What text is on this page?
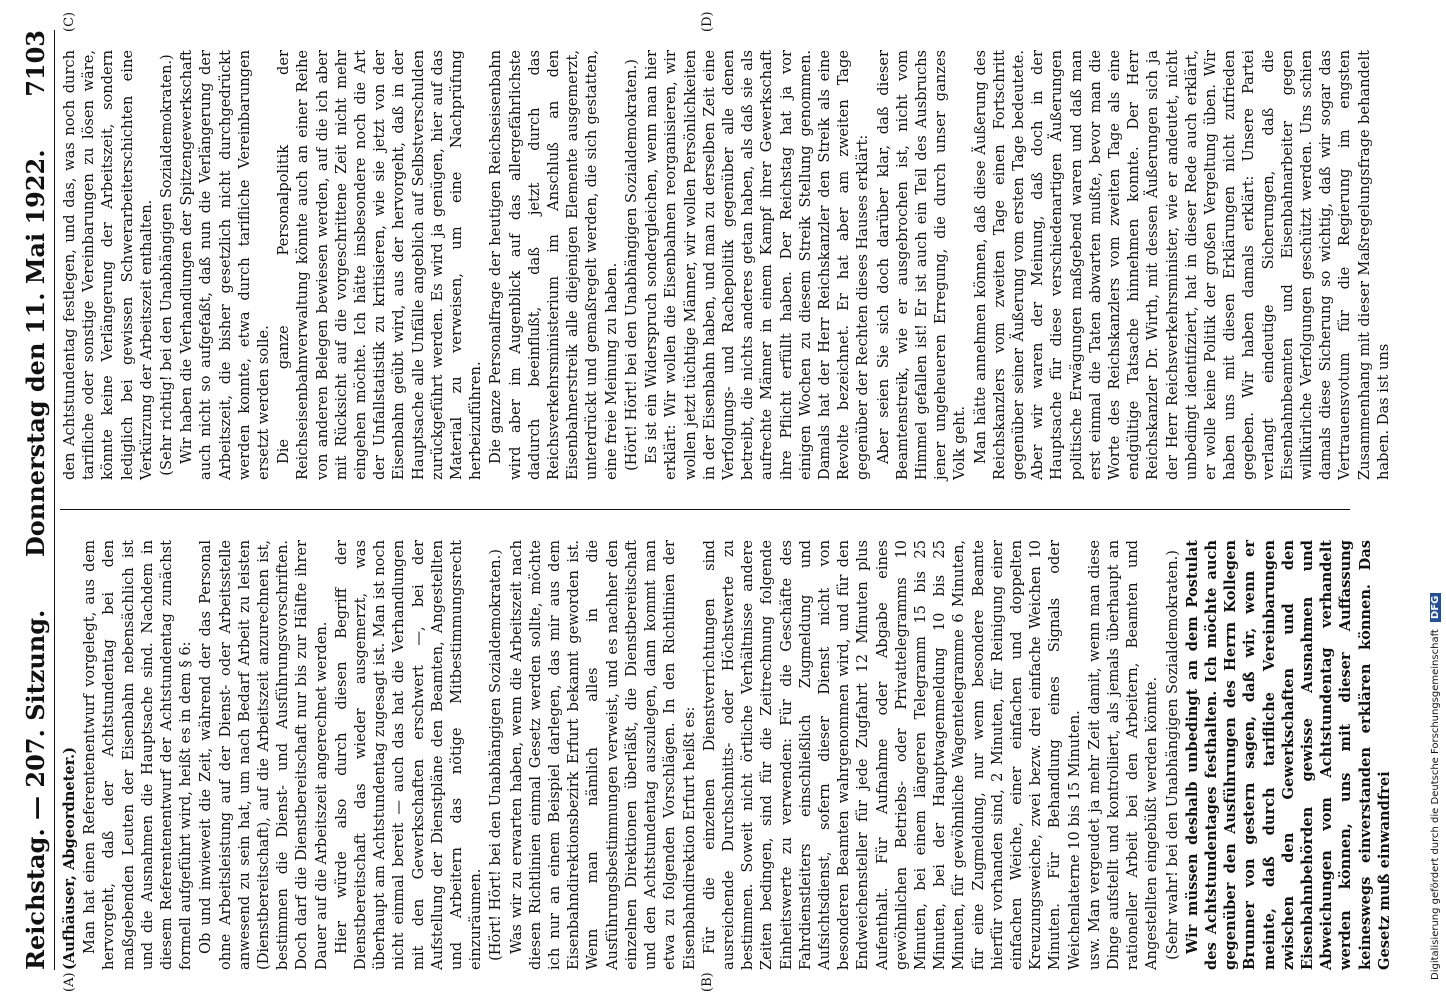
Reichstag. — 207. Sitzung.
Donnerstag den 11. Mai 1922.
7103
(A)	(B)
(C)	(D)

(Aufhäuser, Abgeordneter.) Man hat einen Referentenentwurf vorgelegt, aus dem hervorgeht, daß der Achtstundentag bei den maßgebenden Leuten der Eisenbahn nebensächlich ist und die Ausnahmen die Hauptsache sind. Nachdem in diesem Referentenentwurf der Achtstundentag zunächst formell aufgeführt wird, heißt es in dem § 6: Ob und inwieweit die Zeit, während der das Personal ohne Arbeitsleistung auf der Dienst- oder Arbeitsstelle anwesend zu sein hat, um nach Bedarf Arbeit zu leisten (Dienstbereitschaft), auf die Arbeitszeit anzurechnen ist, bestimmen die Dienst- und Ausführungsvorschriften. Doch darf die Dienstbereitschaft nur bis zur Hälfte ihrer Dauer auf die Arbeitszeit angerechnet werden. Hier würde also durch diesen Begriff der Dienstbereitschaft das wieder ausgemerzt, was überhaupt am Achtstundentag zugesagt ist. Man ist noch nicht einmal bereit — auch das hat die Verhandlungen mit den Gewerkschaften erschwert —, bei der Aufstellung der Dienstpläne den Beamten, Angestellten und Arbeitern das nötige Mitbestimmungsrecht einzuräumen. (Hört! Hört! bei den Unabhängigen Sozialdemokraten.) Was wir zu erwarten haben, wenn die Arbeitszeit nach diesen Richtlinien einmal Gesetz werden sollte, möchte ich nur an einem Beispiel darlegen, das mir aus dem Eisenbahndirektionsbezirk Erfurt bekannt geworden ist. Wenn man nämlich alles in die Ausführungsbestimmungen verweist, und es nachher den einzelnen Direktionen überläßt, die Dienstbereitschaft und den Achtstundentag auszulegen, dann kommt man etwa zu folgenden Vorschlägen. In den Richtlinien der Eisenbahndirektion Erfurt heißt es: Für die einzelnen Dienstverrichtungen sind ausreichende Durchschnitts- oder Höchstwerte zu bestimmen. Soweit nicht örtliche Verhältnisse andere Zeiten bedingen, sind für die Zeitrechnung folgende Einheitswerte zu verwenden: Für die Geschäfte des Fahrdienstleiters einschließlich Zugmeldung und Aufsichtsdienst, sofern dieser Dienst nicht von besonderen Beamten wahrgenommen wird, und für den Endweichensteller für jede Zugfahrt 12 Minuten plus Aufenthalt. Für Aufnahme oder Abgabe eines gewöhnlichen Betriebs- oder Privattelegramms 10 Minuten, bei einem längeren Telegramm 15 bis 25 Minuten, bei der Hauptwagenmeldung 10 bis 25 Minuten, für gewöhnliche Wagentelegramme 6 Minuten, für eine Zugmeldung, nur wenn besondere Beamte hierfür vorhanden sind, 2 Minuten, für Reinigung einer einfachen Weiche, einer einfachen und doppelten Kreuzungsweiche, zwei bezw. drei einfache Weichen 10 Minuten. Für Behandlung eines Signals oder Weichenlaterne 10 bis 15 Minuten. usw. Man vergeudet ja mehr Zeit damit, wenn man diese Dinge aufstellt und kontrolliert, als jemals überhaupt an rationeller Arbeit bei den Arbeitern, Beamten und Angestellten eingebüßt werden könnte. (Sehr wahr! bei den Unabhängigen Sozialdemokraten.) Wir müssen deshalb unbedingt an dem Postulat des Achtstundentages festhalten. Ich möchte auch gegenüber den Ausführungen des Herrn Kollegen Brunner von gestern sagen, daß wir, wenn er meinte, daß durch tarifliche Vereinbarungen zwischen den Gewerkschaften und den Eisenbahnbehörden gewisse Ausnahmen und Abweichungen vom Achtstundentag verhandelt werden können, uns mit dieser Auffassung keineswegs einverstanden erklären können. Das Gesetz muß einwandfrei

den Achtstundentag festlegen, und das, was noch durch tarifliche oder sonstige Vereinbarungen zu lösen wäre, könnte keine Verlängerung der Arbeitszeit, sondern lediglich bei gewissen Schwerarbeiterschichten eine Verkürzung der Arbeitszeit enthalten. (Sehr richtig! bei den Unabhängigen Sozialdemokraten.) Wir haben die Verhandlungen der Spitzengewerkschaft auch nicht so aufgefaßt, daß nun die Verlängerung der Arbeitszeit, die bisher gesetzlich nicht durchgedrückt werden konnte, etwa durch tarifliche Vereinbarungen ersetzt werden solle. Die ganze Personalpolitik der Reichseisenbahnverwaltung könnte auch an einer Reihe von anderen Belegen bewiesen werden, auf die ich aber mit Rücksicht auf die vorgeschrittene Zeit nicht mehr eingehen möchte. Ich hätte insbesondere noch die Art der Unfallstatistik zu kritisieren, wie sie jetzt von der Eisenbahn geübt wird, aus der hervorgeht, daß in der Hauptsache alle Unfälle angeblich auf Selbstverschulden zurückgeführt werden. Es wird ja genügen, hier auf das Material zu verweisen, um eine Nachprüfung herbeizuführen. Die ganze Personalfrage der heutigen Reichseisenbahn wird aber im Augenblick auf das allergefährlichste dadurch beeinflußt, daß jetzt durch das Reichsverkehrsministerium im Anschluß an den Eisenbahnerstreik alle diejenigen Elemente ausgemerzt, unterdrückt und gemaßregelt werden, die sich gestatten, eine freie Meinung zu haben. (Hört! Hört! bei den Unabhängigen Sozialdemokraten.) Es ist ein Widerspruch sondergleichen, wenn man hier erklärt: Wir wollen die Eisenbahnen reorganisieren, wir wollen jetzt tüchtige Männer, wir wollen Persönlichkeiten in der Eisenbahn haben, und man zu derselben Zeit eine Verfolgungs- und Rachepolitik gegenüber alle denen betreibt, die nichts anderes getan haben, als daß sie als aufrechte Männer in einem Kampf ihrer Gewerkschaft ihre Pflicht erfüllt haben. Der Reichstag hat ja vor einigen Wochen zu diesem Streik Stellung genommen. Damals hat der Herr Reichskanzler den Streik als eine Revolte bezeichnet. Er hat aber am zweiten Tage gegenüber der Rechten dieses Hauses erklärt: Aber seien Sie sich doch darüber klar, daß dieser Beamtenstreik, wie er ausgebrochen ist, nicht vom Himmel gefallen ist! Er ist auch ein Teil des Ausbruchs jener ungeheueren Erregung, die durch unser ganzes Volk geht. Man hätte annehmen können, daß diese Äußerung des Reichskanzlers vom zweiten Tage einen Fortschritt gegenüber seiner Äußerung vom ersten Tage bedeutete. Aber wir waren der Meinung, daß doch in der Hauptsache für diese verschiedenartigen Äußerungen politische Erwägungen maßgebend waren und daß man erst einmal die Taten abwarten mußte, bevor man die Worte des Reichskanzlers vom zweiten Tage als eine endgültige Tatsache hinnehmen konnte. Der Herr Reichskanzler Dr. Wirth, mit dessen Äußerungen sich ja der Herr Reichsverkehrsminister, wie er andeutet, nicht unbedingt identifiziert, hat in dieser Rede auch erklärt, er wolle keine Politik der großen Vergeltung üben. Wir haben uns mit diesen Erklärungen nicht zufrieden gegeben. Wir haben damals erklärt: Unsere Partei verlangt eindeutige Sicherungen, daß die Eisenbahnbeamten und Eisenbahnarbeiter gegen willkürliche Verfolgungen geschützt werden. Uns schien damals diese Sicherung so wichtig, daß wir sogar das Vertrauensvotum für die Regierung im engsten Zusammenhang mit dieser Maßregelungsfrage behandelt haben. Das ist uns

Digitalisierung gefördert durch die Deutsche Forschungsgemeinschaft DFG
